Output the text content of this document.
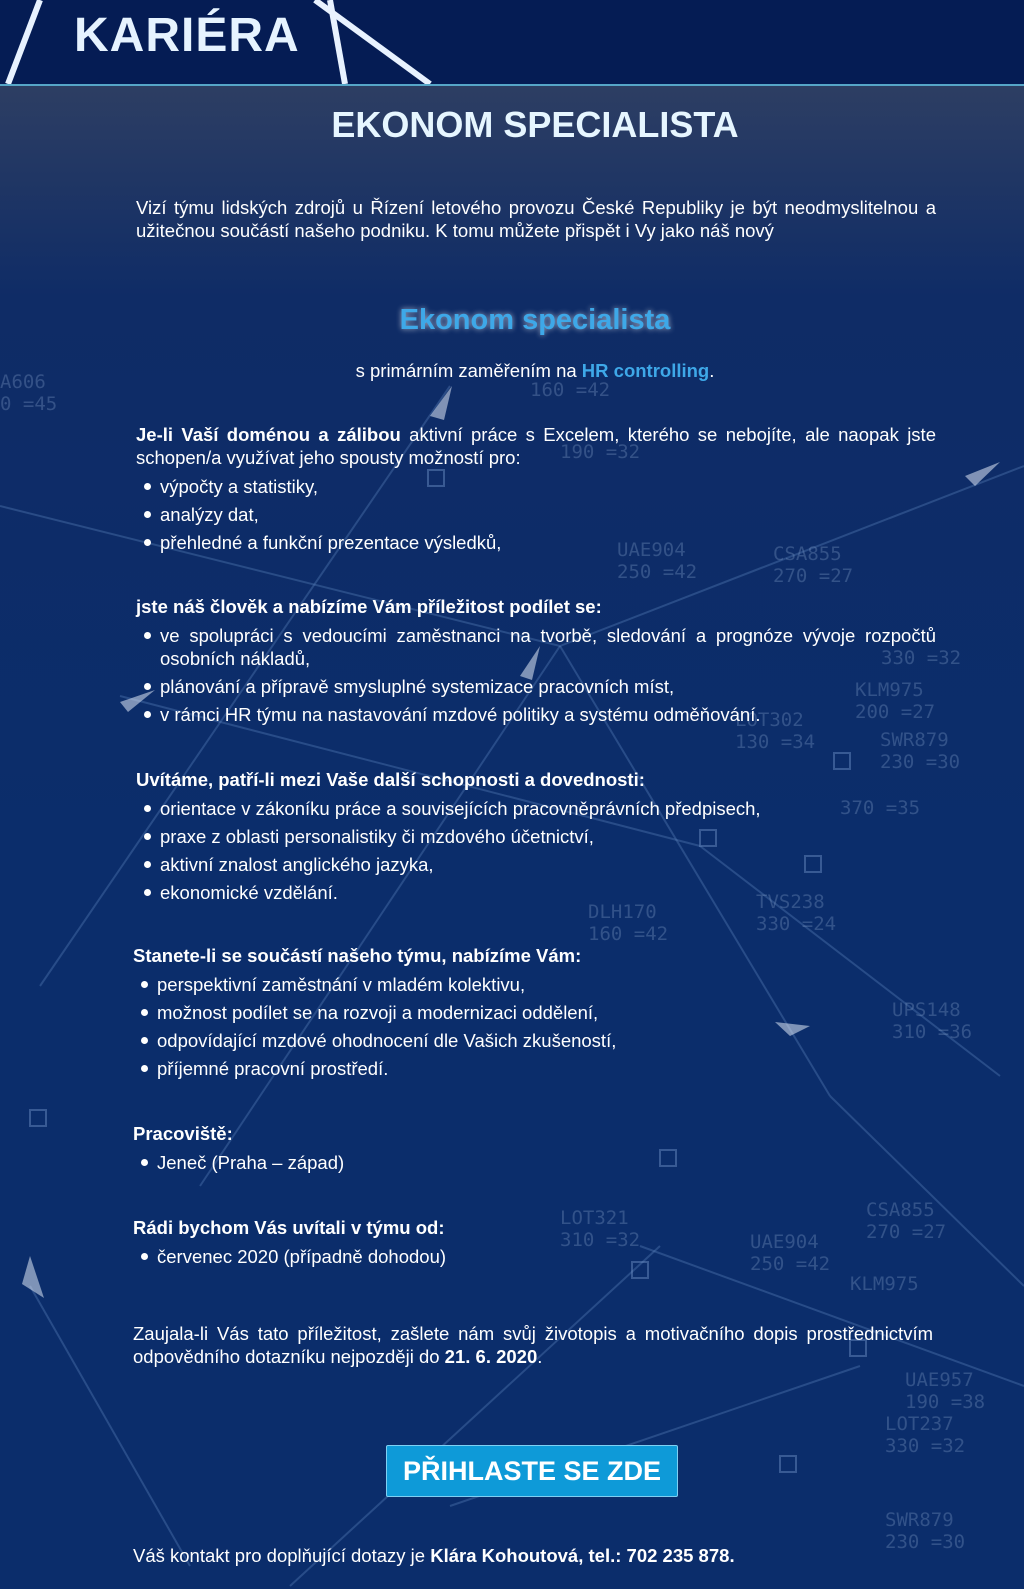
A606
0 =45
160 =42
190 =32
UAE904
250 =42
CSA855
270 =27
330 =32
KLM975
200 =27
LOT302
130 =34	SWR879
230 =30
370 =35
DLH170
160 =42
TVS238
330 =24
UPS148
310 =36
LOT321
310 =32	UAE904
250 =42
CSA855
270 =27
KLM975
UAE957
190 =38
LOT237
330 =32
SWR879
230 =30
KARIÉRA
EKONOM SPECIALISTA
Vizí týmu lidských zdrojů u Řízení letového provozu České Republiky je být neodmyslitelnou a užitečnou součástí našeho podniku. K tomu můžete přispět i Vy jako náš nový
Ekonom specialista
s primárním zaměřením na HR controlling.
Je-li Vaší doménou a zálibou aktivní práce s Excelem, kterého se nebojíte, ale naopak jste schopen/a využívat jeho spousty možností pro:
výpočty a statistiky,
analýzy dat,
přehledné a funkční prezentace výsledků,
jste náš člověk a nabízíme Vám příležitost podílet se:
ve spolupráci s vedoucími zaměstnanci na tvorbě, sledování a prognóze vývoje rozpočtů osobních nákladů,
plánování a přípravě smysluplné systemizace pracovních míst,
v rámci HR týmu na nastavování mzdové politiky a systému odměňování.
Uvítáme, patří-li mezi Vaše další schopnosti a dovednosti:
orientace v zákoníku práce a souvisejících pracovněprávních předpisech,
praxe z oblasti personalistiky či mzdového účetnictví,
aktivní znalost anglického jazyka,
ekonomické vzdělání.
Stanete-li se součástí našeho týmu, nabízíme Vám:
perspektivní zaměstnání v mladém kolektivu,
možnost podílet se na rozvoji a modernizaci oddělení,
odpovídající mzdové ohodnocení dle Vašich zkušeností,
příjemné pracovní prostředí.
Pracoviště:
Jeneč (Praha – západ)
Rádi bychom Vás uvítali v týmu od:
červenec 2020 (případně dohodou)
Zaujala-li Vás tato příležitost, zašlete nám svůj životopis a motivačního dopis prostřednictvím odpovědního dotazníku nejpozději do 21. 6. 2020.
PŘIHLASTE SE ZDE
Váš kontakt pro doplňující dotazy je Klára Kohoutová, tel.: 702 235 878.
